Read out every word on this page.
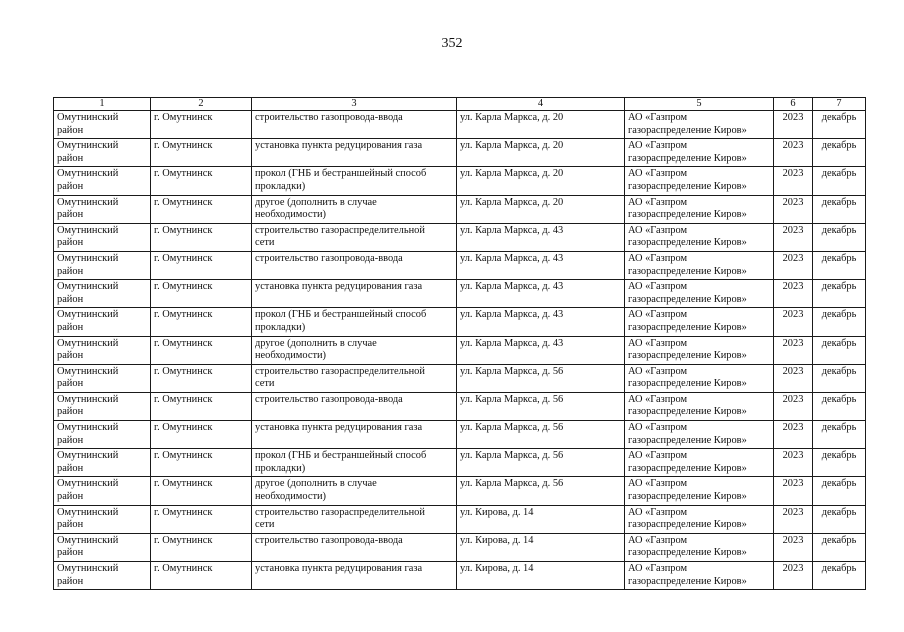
352
1	2	3	4	5	6	7

Омутнинский
район	г. Омутнинск	строительство газопровода-ввода	ул. Карла Маркса, д. 20	АО «Газпром
газораспределение Киров»	2023	декабрь

Омутнинский
район	г. Омутнинск	установка пункта редуцирования газа	ул. Карла Маркса, д. 20	АО «Газпром
газораспределение Киров»	2023	декабрь

Омутнинский
район	г. Омутнинск	прокол (ГНБ и бестраншейный способ
прокладки)	ул. Карла Маркса, д. 20	АО «Газпром
газораспределение Киров»	2023	декабрь

Омутнинский
район	г. Омутнинск	другое (дополнить в случае
необходимости)	ул. Карла Маркса, д. 20	АО «Газпром
газораспределение Киров»	2023	декабрь

Омутнинский
район	г. Омутнинск	строительство газораспределительной
сети	ул. Карла Маркса, д. 43	АО «Газпром
газораспределение Киров»	2023	декабрь

Омутнинский
район	г. Омутнинск	строительство газопровода-ввода	ул. Карла Маркса, д. 43	АО «Газпром
газораспределение Киров»	2023	декабрь

Омутнинский
район	г. Омутнинск	установка пункта редуцирования газа	ул. Карла Маркса, д. 43	АО «Газпром
газораспределение Киров»	2023	декабрь

Омутнинский
район	г. Омутнинск	прокол (ГНБ и бестраншейный способ
прокладки)	ул. Карла Маркса, д. 43	АО «Газпром
газораспределение Киров»	2023	декабрь

Омутнинский
район	г. Омутнинск	другое (дополнить в случае
необходимости)	ул. Карла Маркса, д. 43	АО «Газпром
газораспределение Киров»	2023	декабрь

Омутнинский
район	г. Омутнинск	строительство газораспределительной
сети	ул. Карла Маркса, д. 56	АО «Газпром
газораспределение Киров»	2023	декабрь

Омутнинский
район	г. Омутнинск	строительство газопровода-ввода	ул. Карла Маркса, д. 56	АО «Газпром
газораспределение Киров»	2023	декабрь

Омутнинский
район	г. Омутнинск	установка пункта редуцирования газа	ул. Карла Маркса, д. 56	АО «Газпром
газораспределение Киров»	2023	декабрь

Омутнинский
район	г. Омутнинск	прокол (ГНБ и бестраншейный способ
прокладки)	ул. Карла Маркса, д. 56	АО «Газпром
газораспределение Киров»	2023	декабрь

Омутнинский
район	г. Омутнинск	другое (дополнить в случае
необходимости)	ул. Карла Маркса, д. 56	АО «Газпром
газораспределение Киров»	2023	декабрь

Омутнинский
район	г. Омутнинск	строительство газораспределительной
сети	ул. Кирова, д. 14	АО «Газпром
газораспределение Киров»	2023	декабрь

Омутнинский
район	г. Омутнинск	строительство газопровода-ввода	ул. Кирова, д. 14	АО «Газпром
газораспределение Киров»	2023	декабрь

Омутнинский
район	г. Омутнинск	установка пункта редуцирования газа	ул. Кирова, д. 14	АО «Газпром
газораспределение Киров»	2023	декабрь
